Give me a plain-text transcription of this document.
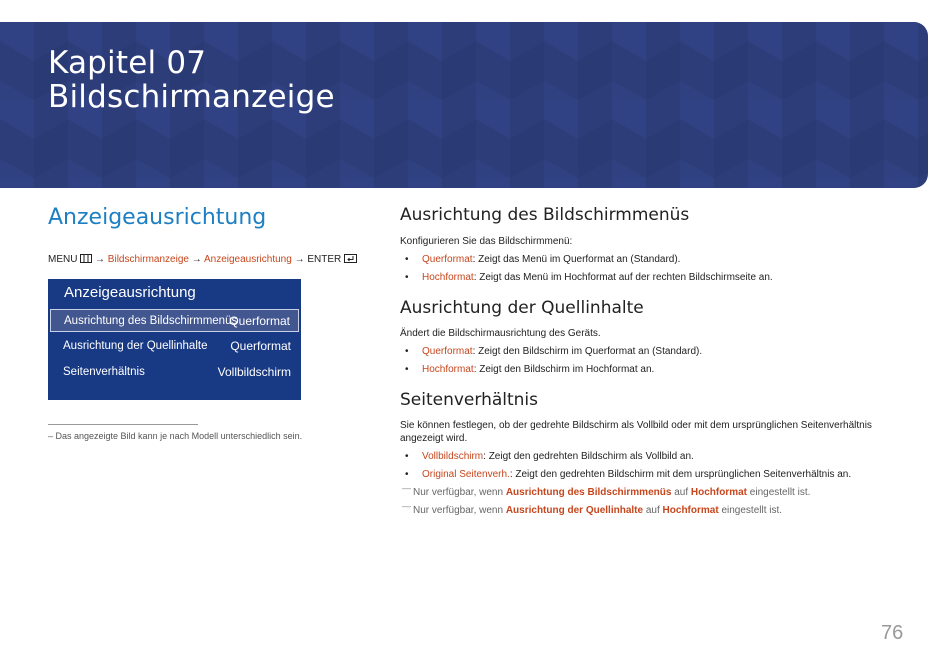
Kapitel 07
Bildschirmanzeige
Anzeigeausrichtung
MENU → Bildschirmanzeige → Anzeigeausrichtung → ENTER
Anzeigeausrichtung
Ausrichtung des Bildschirmmenüs
Querformat
Ausrichtung der Quellinhalte Querformat
Seitenverhältnis	Vollbildschirm
– Das angezeigte Bild kann je nach Modell unterschiedlich sein.
Ausrichtung des Bildschirmmenüs
Konfigurieren Sie das Bildschirmmenü:
• Querformat: Zeigt das Menü im Querformat an (Standard).
• Hochformat: Zeigt das Menü im Hochformat auf der rechten Bildschirmseite an.
Ausrichtung der Quellinhalte
Ändert die Bildschirmausrichtung des Geräts.
• Querformat: Zeigt den Bildschirm im Querformat an (Standard).
• Hochformat: Zeigt den Bildschirm im Hochformat an.
Seitenverhältnis
Sie können festlegen, ob der gedrehte Bildschirm als Vollbild oder mit dem ursprünglichen Seitenverhältnis angezeigt wird.
• Vollbildschirm: Zeigt den gedrehten Bildschirm als Vollbild an.
• Original Seitenverh.: Zeigt den gedrehten Bildschirm mit dem ursprünglichen Seitenverhältnis an.
— Nur verfügbar, wenn Ausrichtung des Bildschirmmenüs auf Hochformat eingestellt ist.
— Nur verfügbar, wenn Ausrichtung der Quellinhalte auf Hochformat eingestellt ist.
76
